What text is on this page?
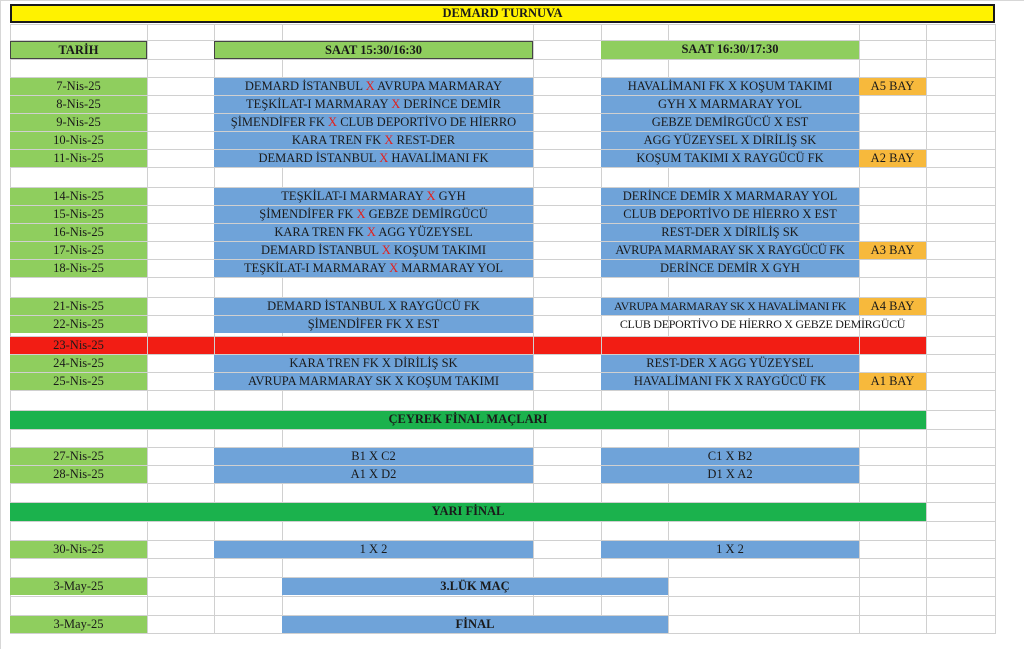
DEMARD TURNUVA
TARİH	SAAT 15:30/16:30	SAAT 16:30/17:30
7-Nis-25	DEMARD İSTANBUL X AVRUPA MARMARAY	HAVALİMANI FK X KOŞUM TAKIMI	A5 BAY
8-Nis-25	TEŞKİLAT-I MARMARAY X DERİNCE DEMİR	GYH X MARMARAY YOL
9-Nis-25	ŞİMENDİFER FK X CLUB DEPORTİVO DE HİERRO	GEBZE DEMİRGÜCÜ X EST
10-Nis-25	KARA TREN FK X REST-DER	AGG YÜZEYSEL X DİRİLİŞ SK
11-Nis-25	DEMARD İSTANBUL X HAVALİMANI FK	KOŞUM TAKIMI X RAYGÜCÜ FK	A2 BAY
14-Nis-25	TEŞKİLAT-I MARMARAY X GYH	DERİNCE DEMİR X MARMARAY YOL
15-Nis-25	ŞİMENDİFER FK X GEBZE DEMİRGÜCÜ	CLUB DEPORTİVO DE HİERRO X EST
16-Nis-25	KARA TREN FK X AGG YÜZEYSEL	REST-DER X DİRİLİŞ SK
17-Nis-25	DEMARD İSTANBUL X KOŞUM TAKIMI	AVRUPA MARMARAY SK X RAYGÜCÜ FK	A3 BAY
18-Nis-25	TEŞKİLAT-I MARMARAY X MARMARAY YOL	DERİNCE DEMİR X GYH
21-Nis-25	DEMARD İSTANBUL X RAYGÜCÜ FK	AVRUPA MARMARAY SK X HAVALİMANI FK	A4 BAY
22-Nis-25	ŞİMENDİFER FK X EST	CLUB DEPORTİVO DE HİERRO X GEBZE DEMİRGÜCÜ
23-Nis-25
24-Nis-25	KARA TREN FK X DİRİLİŞ SK	REST-DER X AGG YÜZEYSEL
25-Nis-25	AVRUPA MARMARAY SK X KOŞUM TAKIMI	HAVALİMANI FK X RAYGÜCÜ FK	A1 BAY
ÇEYREK FİNAL MAÇLARI
27-Nis-25	B1 X C2	C1 X B2
28-Nis-25	A1 X D2	D1 X A2
YARI FİNAL
30-Nis-25	1 X 2	1 X 2
3-May-25	3.LÜK MAÇ
3-May-25	FİNAL
